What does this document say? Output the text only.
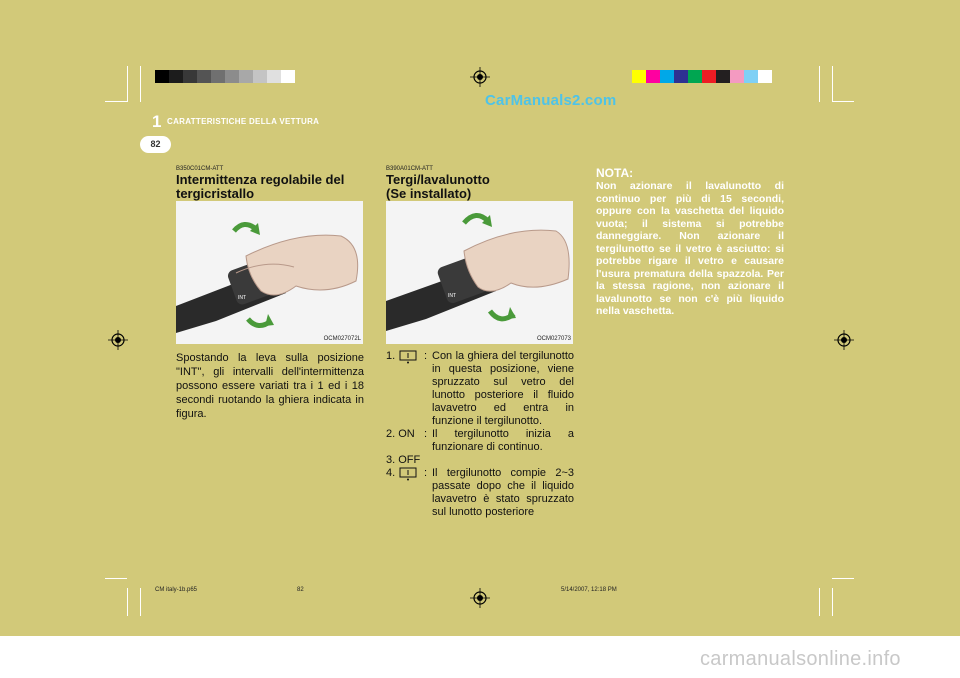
CarManuals2.com
1 CARATTERISTICHE DELLA VETTURA
82
B350C01CM-ATT
Intermittenza regolabile del
tergicristallo
INT
OCM027072L
Spostando la leva sulla posizione "INT", gli intervalli dell'intermittenza possono essere variati tra i 1 ed i 18 secondi ruotando la ghiera indicata in figura.
B390A01CM-ATT
Tergi/lavalunotto
(Se installato)
INT
OCM027073
1.	: Con la ghiera del tergilunotto in questa posizione, viene spruzzato sul vetro del lunotto posteriore il fluido lavavetro ed entra in funzione il tergilunotto.
2. ON : Il tergilunotto inizia a funzionare di continuo.
3. OFF
4.	: Il tergilunotto compie 2~3 passate dopo che il liquido lavavetro è stato spruzzato sul lunotto posteriore
NOTA:
Non azionare il lavalunotto di continuo per più di 15 secondi, oppure con la vaschetta del liquido vuota; il sistema si potrebbe danneggiare. Non azionare il tergilunotto se il vetro è asciutto: si potrebbe rigare il vetro e causare l'usura prematura della spazzola. Per la stessa ragione, non azionare il lavalunotto se non c'è più liquido nella vaschetta.
CM italy-1b.p65	82	5/14/2007, 12:18 PM
carmanualsonline.info
